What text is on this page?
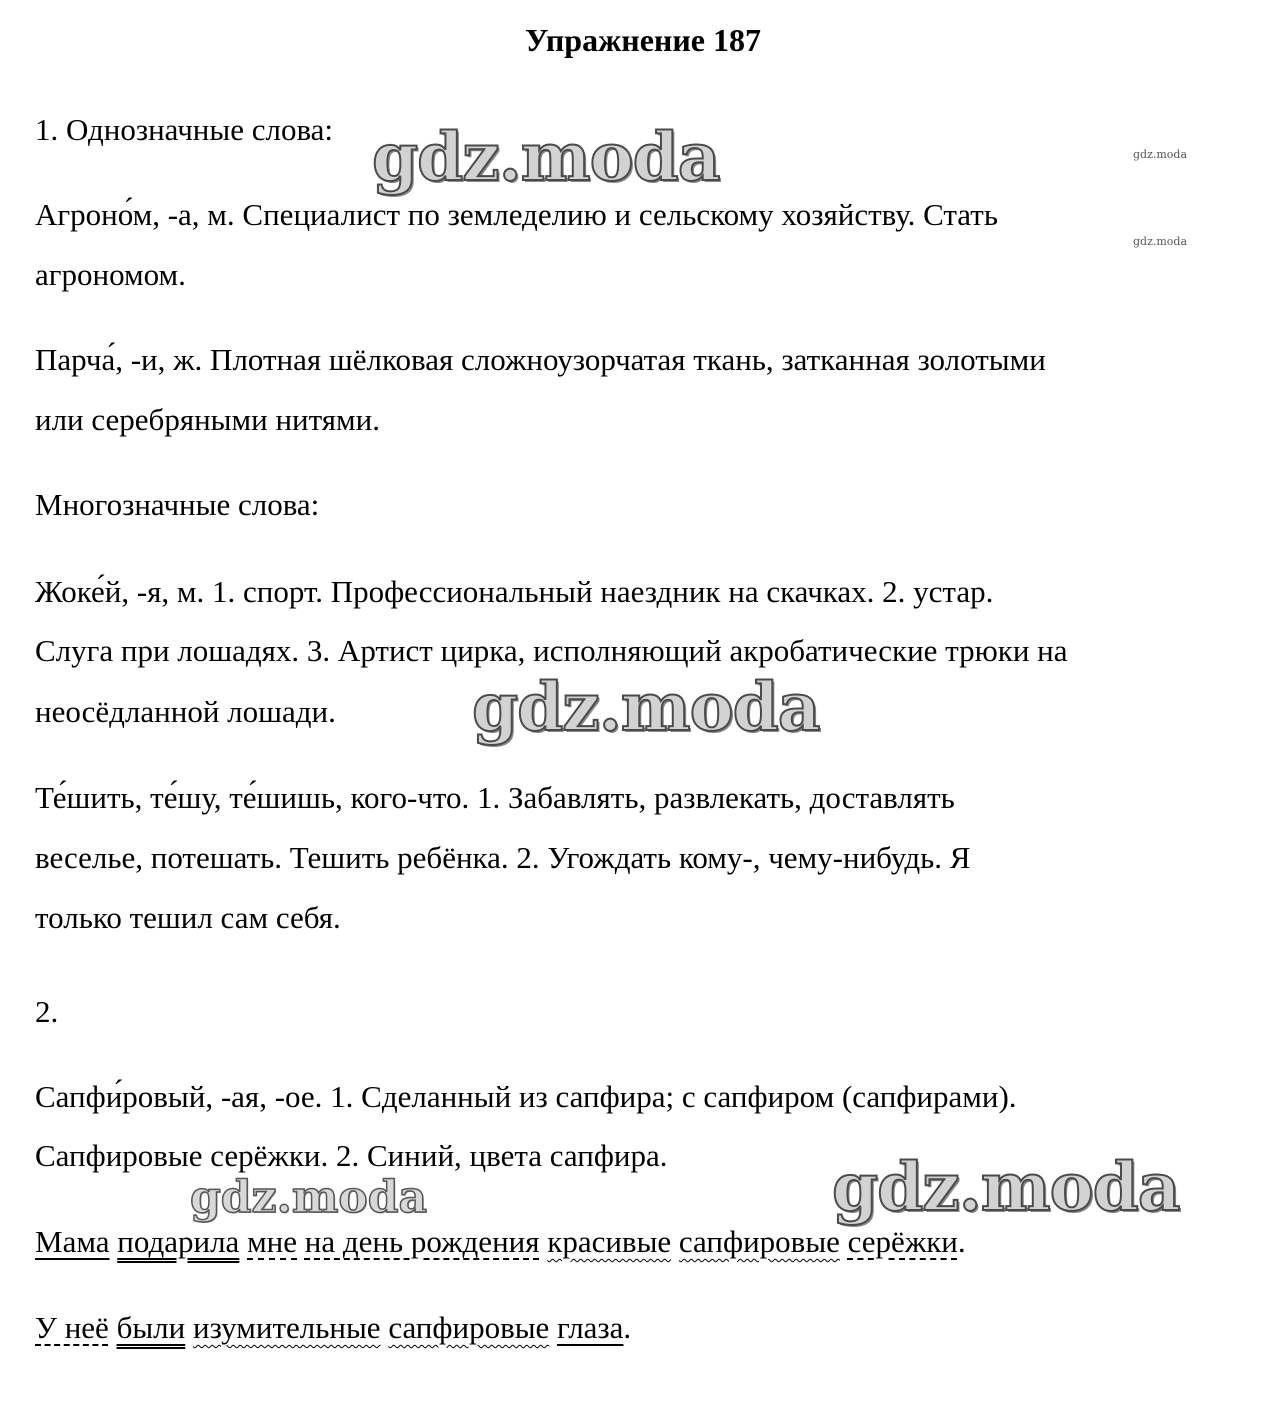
Упражнение 187
1. Однозначные слова:
Агроно́м, -а, м. Специалист по земледелию и сельскому хозяйству. Стать
агрономом.
Парча́, -и, ж. Плотная шёлковая сложноузорчатая ткань, затканная золотыми
или серебряными нитями.
Многозначные слова:
Жоке́й, -я, м. 1. спорт. Профессиональный наездник на скачках. 2. устар.
Слуга при лошадях. 3. Артист цирка, исполняющий акробатические трюки на
неосёдланной лошади.
Те́шить, те́шу, те́шишь, кого-что. 1. Забавлять, развлекать, доставлять
веселье, потешать. Тешить ребёнка. 2. Угождать кому-, чему-нибудь. Я
только тешил сам себя.
2.
Сапфи́ровый, -ая, -ое. 1. Сделанный из сапфира; с сапфиром (сапфирами).
Сапфировые серёжки. 2. Синий, цвета сапфира.
Мама подарила мне на день рождения красивые сапфировые серёжки.
У неё были изумительные сапфировые глаза.
gdz.moda
gdz.moda
gdz.moda
gdz.moda
gdz.moda
gdz.moda
